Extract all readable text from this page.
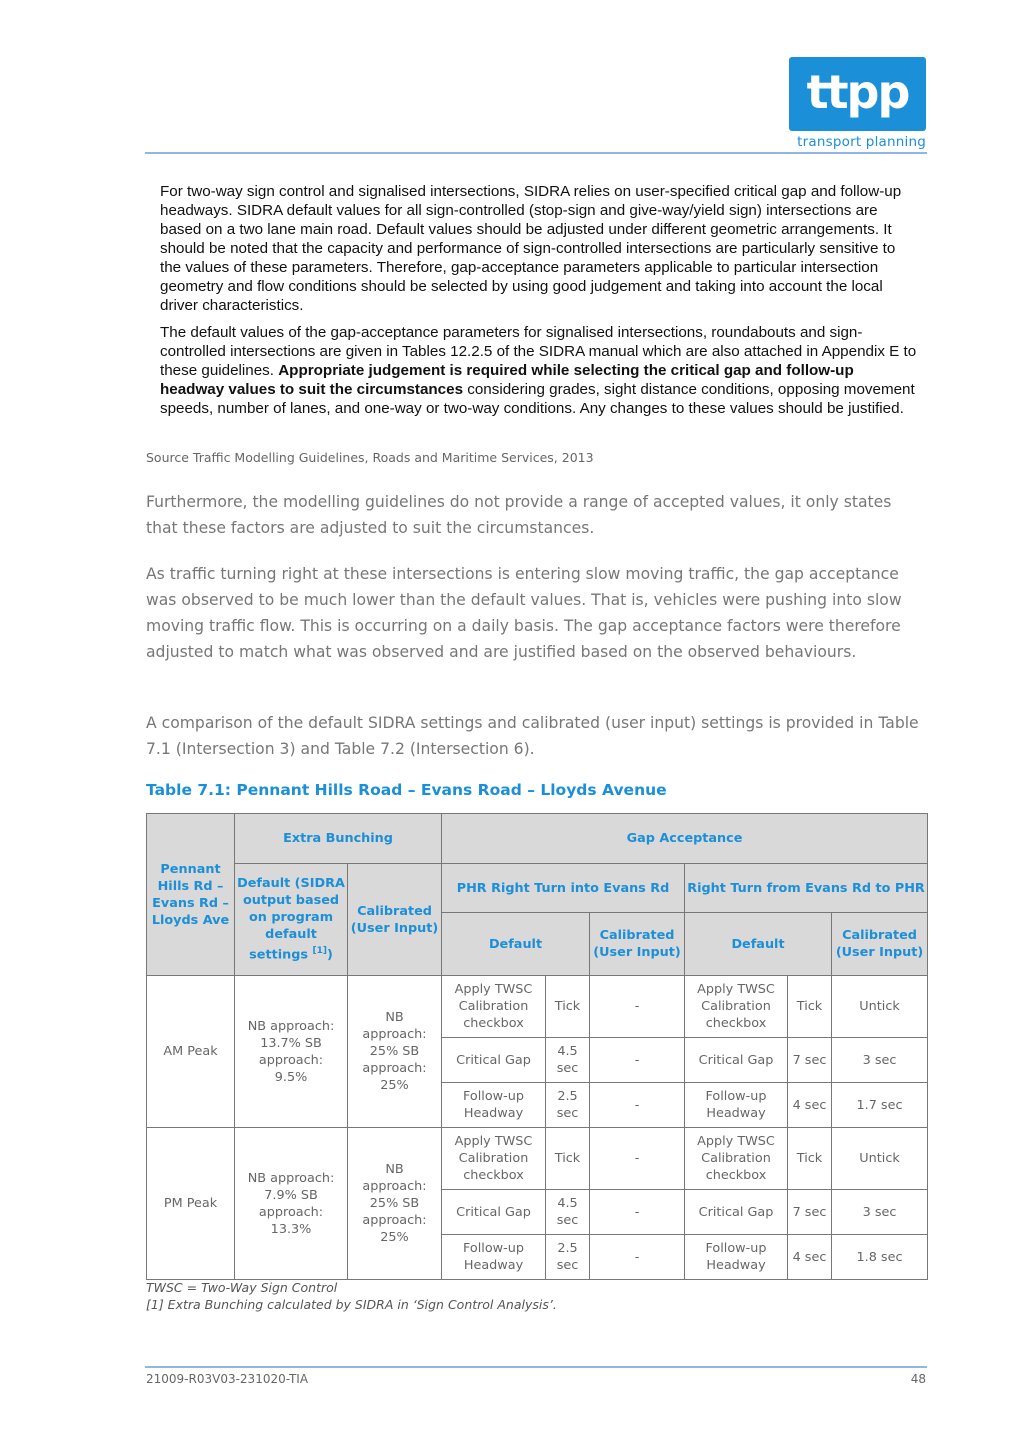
ttpp
transport planning

For two-way sign control and signalised intersections, SIDRA relies on user-specified critical gap and follow-up headways. SIDRA default values for all sign-controlled (stop-sign and give-way/yield sign) intersections are based on a two lane main road. Default values should be adjusted under different geometric arrangements. It should be noted that the capacity and performance of sign-controlled intersections are particularly sensitive to the values of these parameters. Therefore, gap-acceptance parameters applicable to particular intersection geometry and flow conditions should be selected by using good judgement and taking into account the local driver characteristics.

The default values of the gap-acceptance parameters for signalised intersections, roundabouts and sign-controlled intersections are given in Tables 12.2.5 of the SIDRA manual which are also attached in Appendix E to these guidelines. Appropriate judgement is required while selecting the critical gap and follow-up headway values to suit the circumstances considering grades, sight distance conditions, opposing movement speeds, number of lanes, and one-way or two-way conditions. Any changes to these values should be justified.

Source Traffic Modelling Guidelines, Roads and Maritime Services, 2013
Furthermore, the modelling guidelines do not provide a range of accepted values, it only states that these factors are adjusted to suit the circumstances.
As traffic turning right at these intersections is entering slow moving traffic, the gap acceptance was observed to be much lower than the default values. That is, vehicles were pushing into slow moving traffic flow. This is occurring on a daily basis. The gap acceptance factors were therefore adjusted to match what was observed and are justified based on the observed behaviours.
A comparison of the default SIDRA settings and calibrated (user input) settings is provided in Table 7.1 (Intersection 3) and Table 7.2 (Intersection 6).
Table 7.1: Pennant Hills Road – Evans Road – Lloyds Avenue
Pennant Hills Rd – Evans Rd – Lloyds Ave	Extra Bunching		Gap Acceptance					
	Default (SIDRA output based on program default settings [1])	Calibrated (User Input)	PHR Right Turn into Evans Rd			Right Turn from Evans Rd to PHR		
			Default		Calibrated (User Input)	Default		Calibrated (User Input)
AM Peak	NB approach: 13.7% SB approach: 9.5%	NB approach: 25% SB approach: 25%	Apply TWSC Calibration checkbox	Tick	-	Apply TWSC Calibration checkbox	Tick	Untick
			Critical Gap	4.5 sec	-	Critical Gap	7 sec	3 sec
			Follow-up Headway	2.5 sec	-	Follow-up Headway	4 sec	1.7 sec
PM Peak	NB approach: 7.9% SB approach: 13.3%	NB approach: 25% SB approach: 25%	Apply TWSC Calibration checkbox	Tick	-	Apply TWSC Calibration checkbox	Tick	Untick
			Critical Gap	4.5 sec	-	Critical Gap	7 sec	3 sec
			Follow-up Headway	2.5 sec	-	Follow-up Headway	4 sec	1.8 sec
TWSC = Two-Way Sign Control
[1] Extra Bunching calculated by SIDRA in ‘Sign Control Analysis’.
21009-R03V03-231020-TIA	48
